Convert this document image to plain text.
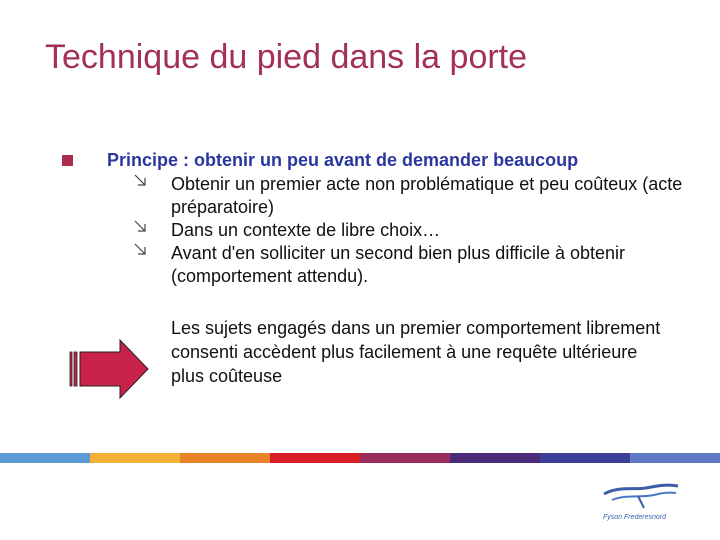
Technique du pied dans la porte
Principe : obtenir un peu avant de demander beaucoup
Obtenir un premier acte non problématique et peu coûteux (acte préparatoire)
Dans un contexte de libre choix…
Avant d'en solliciter un second bien plus difficile à obtenir (comportement attendu).
Les sujets engagés dans un premier comportement librement consenti accèdent plus facilement à une requête ultérieure plus coûteuse
Fyson Frederesnord
